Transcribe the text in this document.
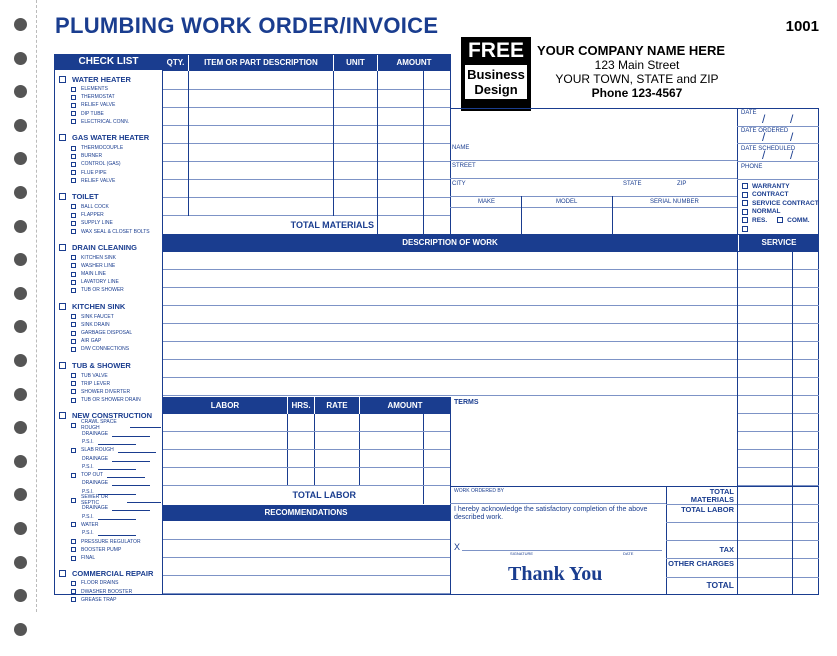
PLUMBING WORK ORDER/INVOICE	1001
FREE
Business
Design
YOUR COMPANY NAME HERE
123 Main Street
YOUR TOWN, STATE and ZIP
Phone 123-4567
CHECK LIST
WATER HEATER
ELEMENTS
THERMOSTAT
RELIEF VALVE
DIP TUBE
ELECTRICAL CONN.
GAS WATER HEATER
THERMOCOUPLE
BURNER
CONTROL (GAS)
FLUE PIPE
RELIEF VALVE
TOILET
BALL COCK
FLAPPER
SUPPLY LINE
WAX SEAL & CLOSET BOLTS
DRAIN CLEANING
KITCHEN SINK
WASHER LINE
MAIN LINE
LAVATORY LINE
TUB OR SHOWER
KITCHEN SINK
SINK FAUCET
SINK DRAIN
GARBAGE DISPOSAL
AIR GAP
D/W CONNECTIONS
TUB & SHOWER
TUB VALVE
TRIP LEVER
SHOWER DIVERTER
TUB OR SHOWER DRAIN
NEW CONSTRUCTION
CRAWL SPACE ROUGH
DRAINAGE
P.S.I.
SLAB ROUGH
DRAINAGE
P.S.I.
TOP OUT
DRAINAGE
P.S.I.
SEWER OR SEPTIC
DRAINAGE
P.S.I.
WATER
P.S.I.
PRESSURE REGULATOR
BOOSTER PUMP
FINAL
COMMERCIAL REPAIR
FLOOR DRAINS
DWASHER BOOSTER
GREASE TRAP
QTY.	ITEM OR PART DESCRIPTION	UNIT	AMOUNT
TOTAL MATERIALS
DATE
DATE ORDERED
DATE SCHEDULED
PHONE
/ /
/ /
/ /
WARRANTY
CONTRACT
SERVICE CONTRACT
NORMAL
RES.	COMM.
NAME
STREET
CITY	STATE	ZIP
MAKE	MODEL	SERIAL NUMBER
DESCRIPTION OF WORK	SERVICE
LABOR	HRS.	RATE	AMOUNT
TOTAL LABOR
RECOMMENDATIONS
TERMS
WORK ORDERED BY
I hereby acknowledge the satisfactory completion of the above described work.
X
SIGNATURE	DATE
Thank You
TOTAL MATERIALS
TOTAL LABOR
TAX
OTHER CHARGES
TOTAL
